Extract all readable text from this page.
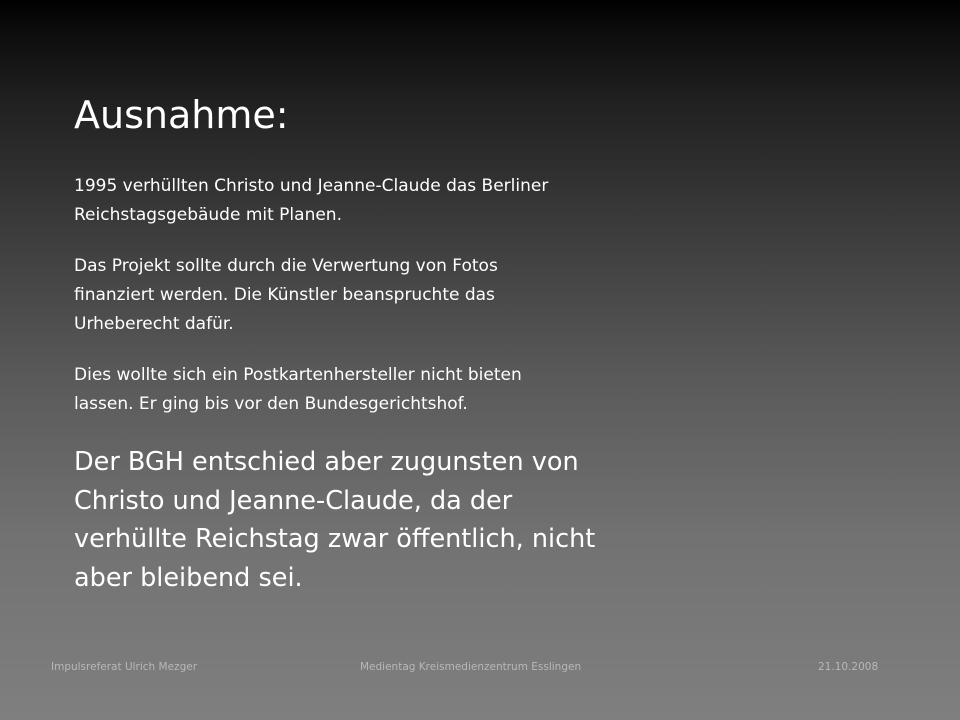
Ausnahme:

1995 verhüllten Christo und Jeanne-Claude das Berliner
Reichstagsgebäude mit Planen.

Das Projekt sollte durch die Verwertung von Fotos
finanziert werden. Die Künstler beanspruchte das
Urheberecht dafür.

Dies wollte sich ein Postkartenhersteller nicht bieten
lassen. Er ging bis vor den Bundesgerichtshof.

Der BGH entschied aber zugunsten von
Christo und Jeanne-Claude, da der
verhüllte Reichstag zwar öffentlich, nicht
aber bleibend sei.

Impulsreferat Ulrich Mezger	Medientag Kreismedienzentrum Esslingen	21.10.2008
